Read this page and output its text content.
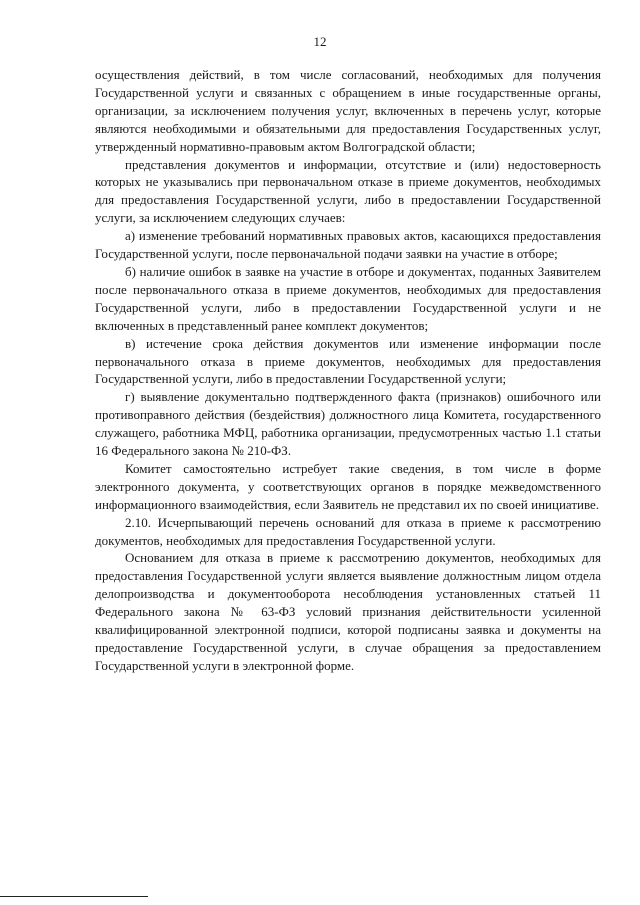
12

осуществления действий, в том числе согласований, необходимых для получения Государственной услуги и связанных с обращением в иные государственные органы, организации, за исключением получения услуг, включенных в перечень услуг, которые являются необходимыми и обязательными для предоставления Государственных услуг, утвержденный нормативно-правовым актом Волгоградской области;

представления документов и информации, отсутствие и (или) недостоверность которых не указывались при первоначальном отказе в приеме документов, необходимых для предоставления Государственной услуги, либо в предоставлении Государственной услуги, за исключением следующих случаев:

а) изменение требований нормативных правовых актов, касающихся предоставления Государственной услуги, после первоначальной подачи заявки на участие в отборе;

б) наличие ошибок в заявке на участие в отборе и документах, поданных Заявителем после первоначального отказа в приеме документов, необходимых для предоставления Государственной услуги, либо в предоставлении Государственной услуги и не включенных в представленный ранее комплект документов;

в) истечение срока действия документов или изменение информации после первоначального отказа в приеме документов, необходимых для предоставления Государственной услуги, либо в предоставлении Государственной услуги;

г) выявление документально подтвержденного факта (признаков) ошибочного или противоправного действия (бездействия) должностного лица Комитета, государственного служащего, работника МФЦ, работника организации, предусмотренных частью 1.1 статьи 16 Федерального закона № 210-ФЗ.

Комитет самостоятельно истребует такие сведения, в том числе в форме электронного документа, у соответствующих органов в порядке межведомственного информационного взаимодействия, если Заявитель не представил их по своей инициативе.

2.10. Исчерпывающий перечень оснований для отказа в приеме к рассмотрению документов, необходимых для предоставления Государственной услуги.

Основанием для отказа в приеме к рассмотрению документов, необходимых для предоставления Государственной услуги является выявление должностным лицом отдела делопроизводства и документооборота несоблюдения установленных статьей 11 Федерального закона № 63-ФЗ условий признания действительности усиленной квалифицированной электронной подписи, которой подписаны заявка и документы на предоставление Государственной услуги, в случае обращения за предоставлением Государственной услуги в электронной форме.
